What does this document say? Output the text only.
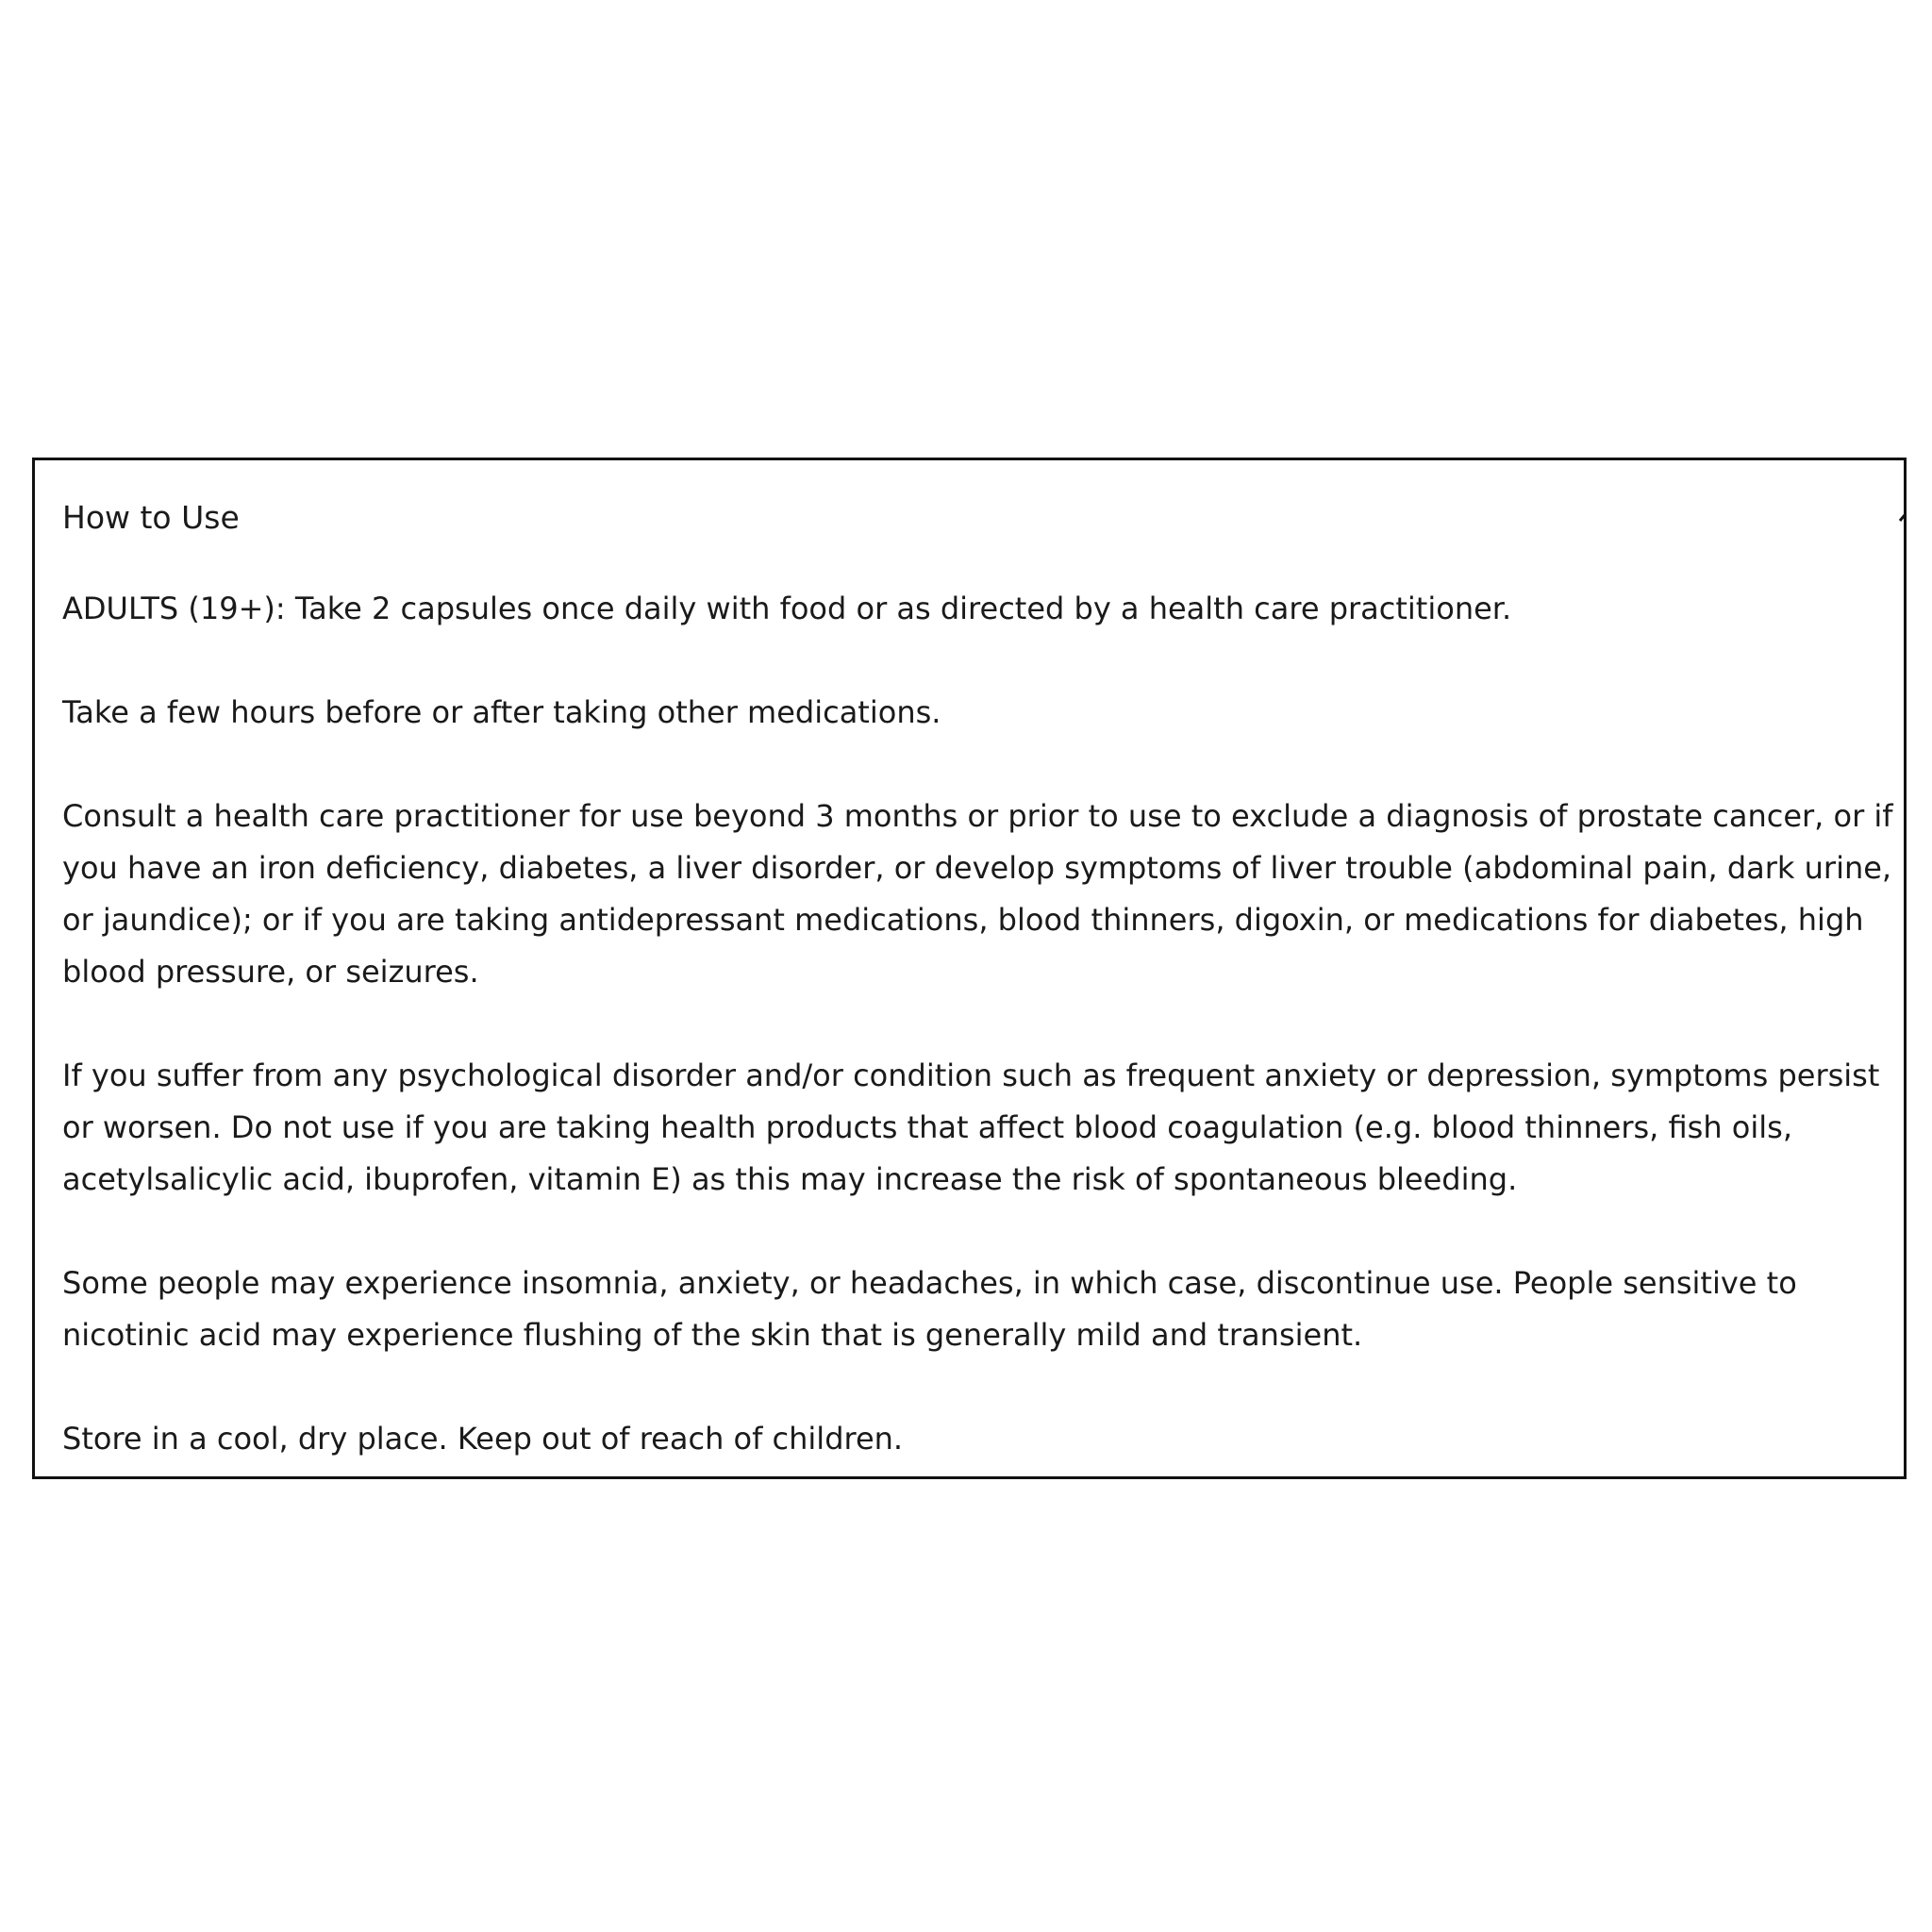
How to Use

ADULTS (19+): Take 2 capsules once daily with food or as directed by a health care practitioner.

Take a few hours before or after taking other medications.

Consult a health care practitioner for use beyond 3 months or prior to use to exclude a diagnosis of prostate cancer, or if you have an iron deficiency, diabetes, a liver disorder, or develop symptoms of liver trouble (abdominal pain, dark urine, or jaundice); or if you are taking antidepressant medications, blood thinners, digoxin, or medications for diabetes, high blood pressure, or seizures.

If you suffer from any psychological disorder and/or condition such as frequent anxiety or depression, symptoms persist or worsen. Do not use if you are taking health products that affect blood coagulation (e.g. blood thinners, fish oils, acetylsalicylic acid, ibuprofen, vitamin E) as this may increase the risk of spontaneous bleeding.

Some people may experience insomnia, anxiety, or headaches, in which case, discontinue use. People sensitive to nicotinic acid may experience flushing of the skin that is generally mild and transient.

Store in a cool, dry place. Keep out of reach of children.
